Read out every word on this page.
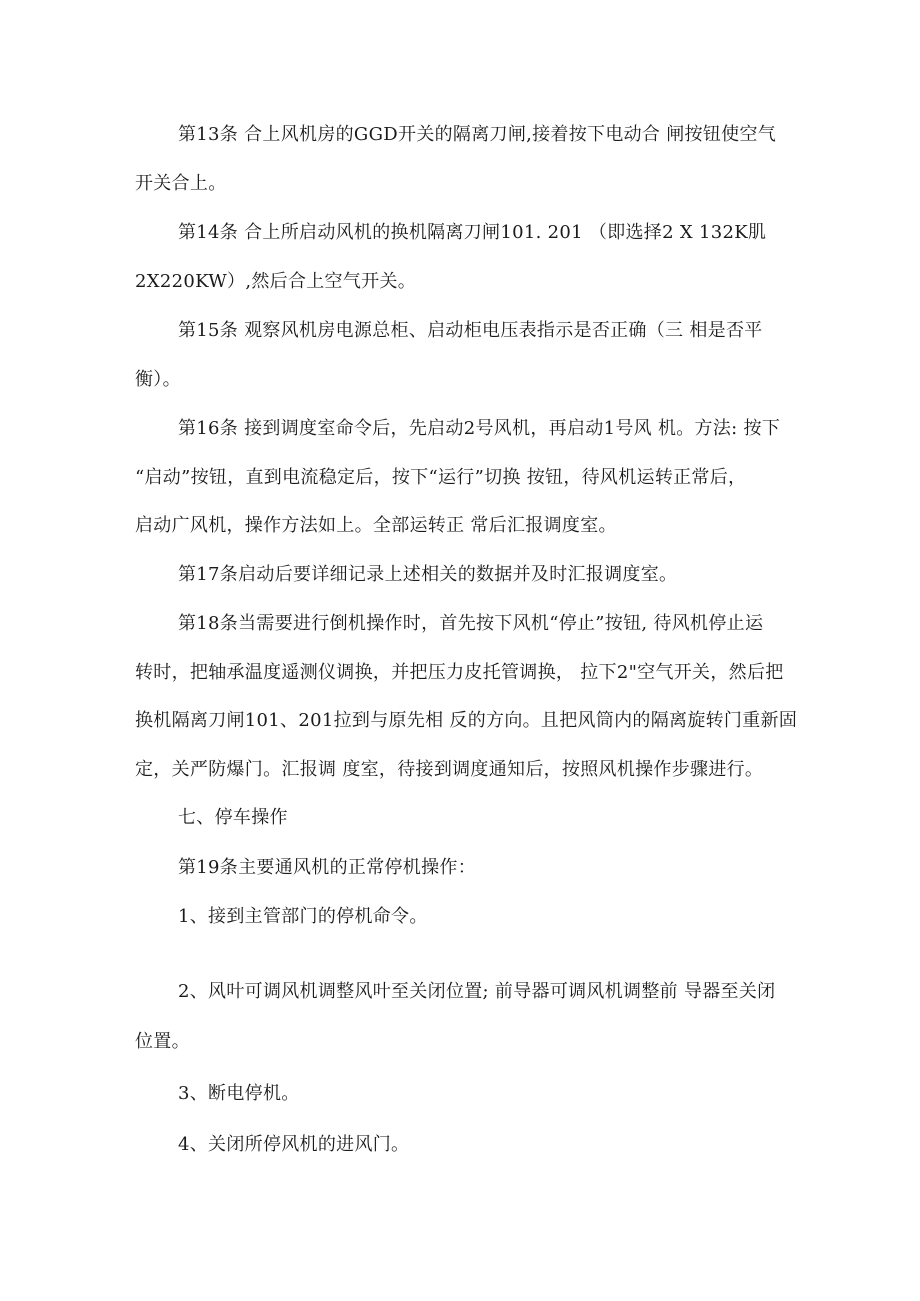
第13条 合上风机房的GGD开关的隔离刀闸,接着按下电动合 闸按钮使空气
开关合上。
第14条 合上所启动风机的换机隔离刀闸101. 201 （即选择2 X 132K肌
2X220KW）,然后合上空气开关。
第15条 观察风机房电源总柜、启动柜电压表指示是否正确（三 相是否平
衡）。
第16条 接到调度室命令后，先启动2号风机，再启动1号风 机。方法: 按下
“启动”按钮，直到电流稳定后，按下“运行”切换 按钮，待风机运转正常后，
启动广风机，操作方法如上。全部运转正 常后汇报调度室。
第17条启动后要详细记录上述相关的数据并及时汇报调度室。
第18条当需要进行倒机操作时，首先按下风机“停止”按钮, 待风机停止运
转时，把轴承温度遥测仪调换，并把压力皮托管调换， 拉下2"空气开关，然后把
换机隔离刀闸101、201拉到与原先相 反的方向。且把风筒内的隔离旋转门重新固
定，关严防爆门。汇报调 度室，待接到调度通知后，按照风机操作步骤进行。
七、停车操作
第19条主要通风机的正常停机操作：
1、接到主管部门的停机命令。
2、风叶可调风机调整风叶至关闭位置; 前导器可调风机调整前 导器至关闭
位置。
3、断电停机。
4、关闭所停风机的进风门。
